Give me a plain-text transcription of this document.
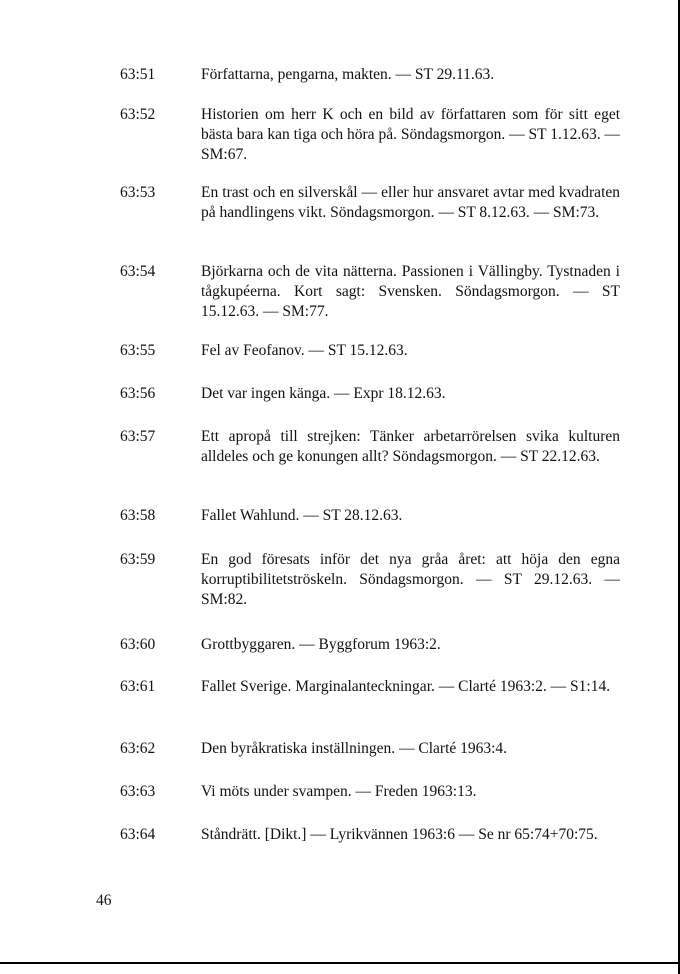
63:51	Författarna, pengarna, makten. — ST 29.11.63.
63:52	Historien om herr K och en bild av författaren som för sitt eget bästa bara kan tiga och höra på. Söndagsmorgon. — ST 1.12.63. — SM:67.
63:53	En trast och en silverskål — eller hur ansvaret avtar med kvadraten på handlingens vikt. Söndagsmorgon. — ST 8.12.63. — SM:73.
63:54	Björkarna och de vita nätterna. Passionen i Vällingby. Tystnaden i tågkupéerna. Kort sagt: Svensken. Söndagsmorgon. — ST 15.12.63. — SM:77.
63:55	Fel av Feofanov. — ST 15.12.63.
63:56	Det var ingen känga. — Expr 18.12.63.
63:57	Ett apropå till strejken: Tänker arbetarrörelsen svika kulturen alldeles och ge konungen allt? Söndagsmorgon. — ST 22.12.63.
63:58	Fallet Wahlund. — ST 28.12.63.
63:59	En god föresats inför det nya gråa året: att höja den egna korruptibilitetströskeln. Söndagsmorgon. — ST 29.12.63. — SM:82.
63:60	Grottbyggaren. — Byggforum 1963:2.
63:61	Fallet Sverige. Marginalanteckningar. — Clarté 1963:2. — S1:14.
63:62	Den byråkratiska inställningen. — Clarté 1963:4.
63:63	Vi möts under svampen. — Freden 1963:13.
63:64	Ståndrätt. [Dikt.] — Lyrikvännen 1963:6 — Se nr 65:74+70:75.
46
